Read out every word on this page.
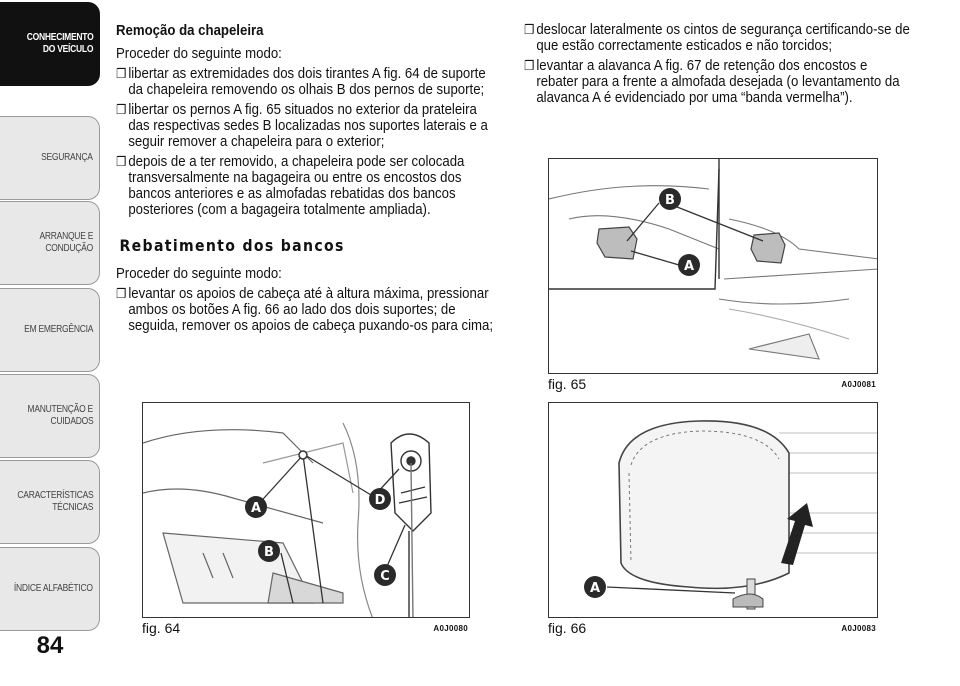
CONHECIMENTO
DO VEÍCULO
SEGURANÇA
ARRANQUE E
CONDUÇÃO
EM EMERGÊNCIA
MANUTENÇÃO E
CUIDADOS
CARACTERÍSTICAS
TÉCNICAS
ÍNDICE ALFABÉTICO
84
Remoção da chapeleira

Proceder do seguinte modo:

❒ libertar as extremidades dos dois tirantes A fig. 64 de suporte da chapeleira removendo os olhais B dos pernos de suporte;
❒ libertar os pernos A fig. 65 situados no exterior da prateleira das respectivas sedes B localizadas nos suportes laterais e a seguir remover a chapeleira para o exterior;
❒ depois de a ter removido, a chapeleira pode ser colocada transversalmente na bagageira ou entre os encostos dos bancos anteriores e as almofadas rebatidas dos bancos posteriores (com a bagageira totalmente ampliada).
Rebatimento dos bancos

Proceder do seguinte modo:

❒ levantar os apoios de cabeça até à altura máxima, pressionar ambos os botões A fig. 66 ao lado dos dois suportes; de seguida, remover os apoios de cabeça puxando-os para cima;
❒ deslocar lateralmente os cintos de segurança certificando-se de que estão correctamente esticados e não torcidos;
❒ levantar a alavanca A fig. 67 de retenção dos encostos e rebater para a frente a almofada desejada (o levantamento da alavanca A é evidenciado por uma “banda vermelha”).
A
B
C
D
fig. 64	A0J0080
B
A
fig. 65	A0J0081
A
fig. 66	A0J0083
